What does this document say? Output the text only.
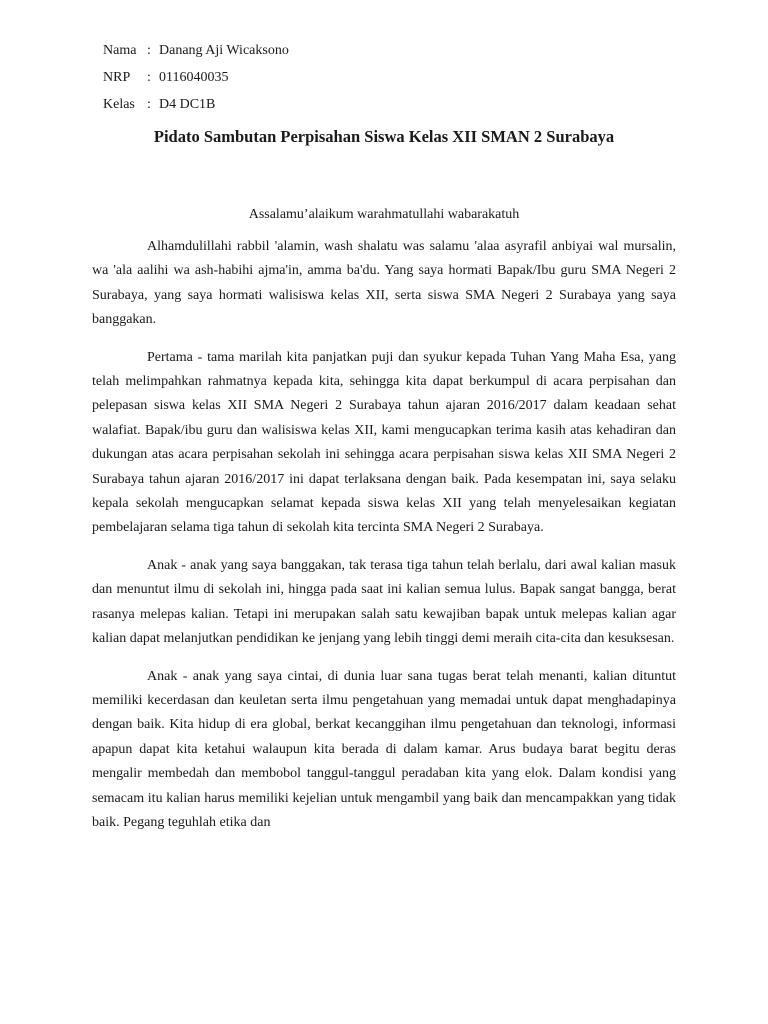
Nama : Danang Aji Wicaksono
NRP	: 0116040035
Kelas : D4 DC1B
Pidato Sambutan Perpisahan Siswa Kelas XII SMAN 2 Surabaya
Assalamu’alaikum warahmatullahi wabarakatuh

Alhamdulillahi rabbil 'alamin, wash shalatu was salamu 'alaa asyrafil anbiyai wal mursalin, wa 'ala aalihi wa ash-habihi ajma'in, amma ba'du. Yang saya hormati Bapak/Ibu guru SMA Negeri 2 Surabaya, yang saya hormati walisiswa kelas XII, serta siswa SMA Negeri 2 Surabaya yang saya banggakan.

Pertama - tama marilah kita panjatkan puji dan syukur kepada Tuhan Yang Maha Esa, yang telah melimpahkan rahmatnya kepada kita, sehingga kita dapat berkumpul di acara perpisahan dan pelepasan siswa kelas XII SMA Negeri 2 Surabaya tahun ajaran 2016/2017 dalam keadaan sehat walafiat. Bapak/ibu guru dan walisiswa kelas XII, kami mengucapkan terima kasih atas kehadiran dan dukungan atas acara perpisahan sekolah ini sehingga acara perpisahan siswa kelas XII SMA Negeri 2 Surabaya tahun ajaran 2016/2017 ini dapat terlaksana dengan baik. Pada kesempatan ini, saya selaku kepala sekolah mengucapkan selamat kepada siswa kelas XII yang telah menyelesaikan kegiatan pembelajaran selama tiga tahun di sekolah kita tercinta SMA Negeri 2 Surabaya.

Anak - anak yang saya banggakan, tak terasa tiga tahun telah berlalu, dari awal kalian masuk dan menuntut ilmu di sekolah ini, hingga pada saat ini kalian semua lulus. Bapak sangat bangga, berat rasanya melepas kalian. Tetapi ini merupakan salah satu kewajiban bapak untuk melepas kalian agar kalian dapat melanjutkan pendidikan ke jenjang yang lebih tinggi demi meraih cita-cita dan kesuksesan.

Anak - anak yang saya cintai, di dunia luar sana tugas berat telah menanti, kalian dituntut memiliki kecerdasan dan keuletan serta ilmu pengetahuan yang memadai untuk dapat menghadapinya dengan baik. Kita hidup di era global, berkat kecanggihan ilmu pengetahuan dan teknologi, informasi apapun dapat kita ketahui walaupun kita berada di dalam kamar. Arus budaya barat begitu deras mengalir membedah dan membobol tanggul-tanggul peradaban kita yang elok. Dalam kondisi yang semacam itu kalian harus memiliki kejelian untuk mengambil yang baik dan mencampakkan yang tidak baik. Pegang teguhlah etika dan
